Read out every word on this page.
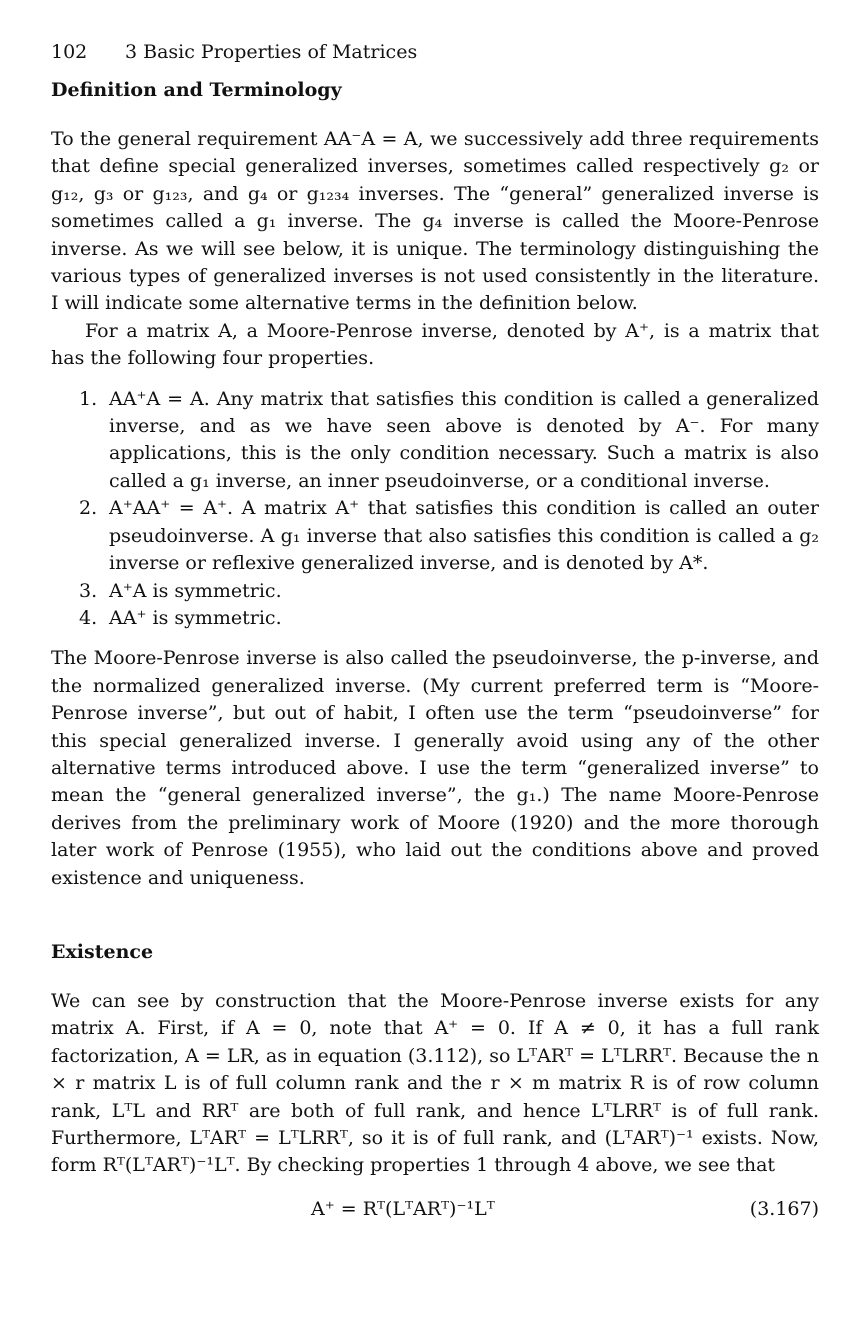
102 3 Basic Properties of Matrices
Definition and Terminology

To the general requirement AA⁻A = A, we successively add three requirements that define special generalized inverses, sometimes called respectively g₂ or g₁₂, g₃ or g₁₂₃, and g₄ or g₁₂₃₄ inverses. The “general” generalized inverse is sometimes called a g₁ inverse. The g₄ inverse is called the Moore-Penrose inverse. As we will see below, it is unique. The terminology distinguishing the various types of generalized inverses is not used consistently in the literature. I will indicate some alternative terms in the definition below.

For a matrix A, a Moore-Penrose inverse, denoted by A⁺, is a matrix that has the following four properties.

1. AA⁺A = A. Any matrix that satisfies this condition is called a generalized inverse, and as we have seen above is denoted by A⁻. For many applications, this is the only condition necessary. Such a matrix is also called a g₁ inverse, an inner pseudoinverse, or a conditional inverse.
2. A⁺AA⁺ = A⁺. A matrix A⁺ that satisfies this condition is called an outer pseudoinverse. A g₁ inverse that also satisfies this condition is called a g₂ inverse or reflexive generalized inverse, and is denoted by A*.
3. A⁺A is symmetric.
4. AA⁺ is symmetric.

The Moore-Penrose inverse is also called the pseudoinverse, the p-inverse, and the normalized generalized inverse. (My current preferred term is “Moore-Penrose inverse”, but out of habit, I often use the term “pseudoinverse” for this special generalized inverse. I generally avoid using any of the other alternative terms introduced above. I use the term “generalized inverse” to mean the “general generalized inverse”, the g₁.) The name Moore-Penrose derives from the preliminary work of Moore (1920) and the more thorough later work of Penrose (1955), who laid out the conditions above and proved existence and uniqueness.

Existence

We can see by construction that the Moore-Penrose inverse exists for any matrix A. First, if A = 0, note that A⁺ = 0. If A ≠ 0, it has a full rank factorization, A = LR, as in equation (3.112), so LᵀARᵀ = LᵀLRRᵀ. Because the n × r matrix L is of full column rank and the r × m matrix R is of row column rank, LᵀL and RRᵀ are both of full rank, and hence LᵀLRRᵀ is of full rank. Furthermore, LᵀARᵀ = LᵀLRRᵀ, so it is of full rank, and (LᵀARᵀ)⁻¹ exists. Now, form Rᵀ(LᵀARᵀ)⁻¹Lᵀ. By checking properties 1 through 4 above, we see that

A⁺ = Rᵀ(LᵀARᵀ)⁻¹Lᵀ	(3.167)
